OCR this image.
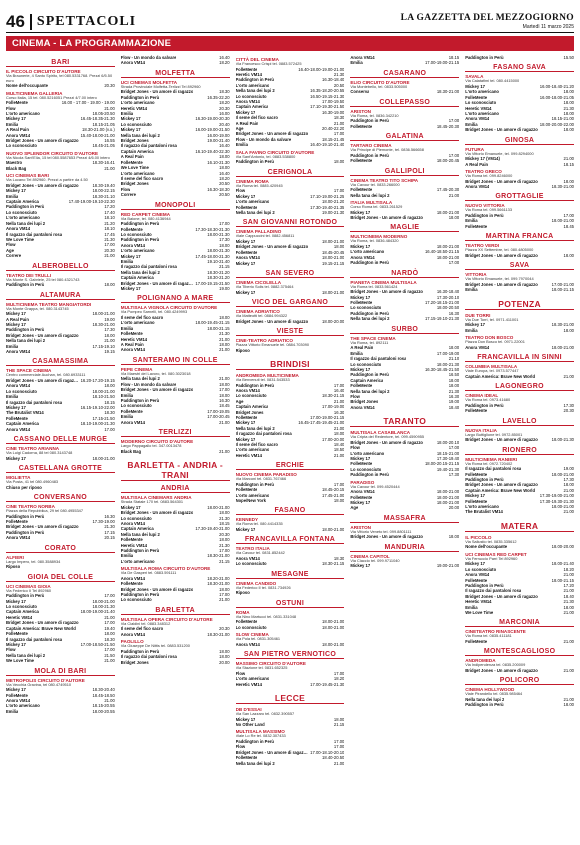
46 SPETTACOLI	LA GAZZETTA DEL MEZZOGIORNO
Martedì 11 marzo 2025
CINEMA - LA PROGRAMMAZIONE
BARI
IL PICCOLO CIRCUITO D'AUTORE
Via Braunerie, 4 Santo Spirito, tel 080.5331768. Prezzi 6/5.50 euro
Nome dell'occupante	20.30
MULTICINEMA GALLERIA
Corso Italia, 15 tel. 080.5216051 Prezzi 4/7.00 intero
FolleMente	16.00 - 17.00 - 19.00 - 19.00
Flow	21.00
L'orto americano	18.05-20.50
Mickey 17	16.45-18.35-21.30
Emilia	18.15-21.05
A Real Pain	18.30-21.00 (v.o.)
Anora VM14	15.40-18.00-21.00
Bridget Jones - Un amore di ragazzo	16.55
Lo sconosciuto	18.45-21.05
NUOVO SPLENDOR CIRCUITO D'AUTORE
Via Nicola Sant'Elia, 15 tel 080.5587653 Prezzi 4/6.00 intero
Maestro	18.30-16.41
Black Bag	21.00
UCI CINEMAS BARI
Via Lucano Tel 892960. Prezzi a partire da 4.50
Bridget Jones - Un amore di ragazzo	18.30-19.40
Mickey 17	18.00-22.15
Emilia	18.30-21.10
Captain America	17.40-19.00-19.10-22.30
Paddington in Perù	17.20
Lo sconosciuto	17.40
L'orto americano	18.10
Nella tana dei lupi 2	21.20
Anora VM14	18.10
Il ragazzo dai pantaloni rosa	17.45
We Love Time	21.30
Flow	17.00
Age	20.30
Correre	21.00
ALBEROBELLO
TEATRO DEI TRULLI
Via Monte S. Gabriele, 25 tel 080.4321743
Paddington in Perù	18.00
ALTAMURA
MULTICINEMA TEATRO MANGIATORDI
Via Monte Grappa, tel. 080.3143745
Mickey 17	18.00-21.00
A Real Pain	19.00
Mickey 17	18.30-21.00
Paddington in Perù	17.30
Bridget Jones - Un amore di ragazzo	18.00
Nella tana dei lupi 2	21.00
Emilia	17.15-19.10
Anora VM14	19.15
CASAMASSIMA
THE SPACE CINEMA
Centro commerciale Auchan, tel. 080.6933111
Bridget Jones - Un amore di ragazzo	16.20-17.20-19.15
Anora VM14	18.00
Lo sconosciuto	18.00-21.00
Emilia	18.10-21.50
Il ragazzo dai pantaloni rosa	18.15
Mickey 17	16.15-19.10-22.00
The Brutalist VM14	18.30
FolleMente	17.15-21.50
Captain America	18.10-19.00-21.30
Anora VM14	17.00
CASSANO DELLE MURGE
CINE TEATRO ARIANNA
Via Luigi Cadorna, 88 tel 080.3143748
Mickey 17	18.00-21.00
CASTELLANA GROTTE
MIGLIETTA
Via Posta, 41 tel 080.4960483
Chiuso per riposo
CONVERSANO
CINE TEATRO NORBA
Piazza della Repubblica, 29 tel 080.4955347
Paddington in Perù	16.30
FolleMente	17.30-19.00
Bridget Jones - Un amore di ragazzo	21.30
Paddington in Perù	17.15
Anora VM14	20.15
CORATO
ALFIERI
Largo Impero, tel. 080.3588934
Riposo
GIOIA DEL COLLE
UCI CINEMAS GIOIA
Via Federico II Tel 892960
Paddington in Perù	17.00
Mickey 17	18.00-21.00
Lo sconosciuto	18.00-21.30
Captain America	18.00-19.00-21.40
Heretic VM14	21.00
Bridget Jones - Un amore di ragazzo	17.00
Captain America: Brave New World	19.40
FolleMente	18.00
Il ragazzo dai pantaloni rosa	18.30
Mickey 17	17.00-18.50-21.50
Flow	17.00
Nella tana dei lupi 2	21.50
We Love Time	21.00
MOLA DI BARI
METROPOLIS CIRCUITO D'AUTORE
Via Vecchia Gravina, tel 080.4749510
Mickey 17	18.30-20.40
FolleMente	18.45-18.50
Anora VM14	21.00
L'orto americano	18.15-20.55
Emilia	18.00-20.55
Flow - Un mondo da salvare	16.40
Anora VM14	18.20
MOLFETTA
UCI CINEMAS MOLFETTA
Strada Provinciale Molfetta-Terlizzi Tel 892960
Bridget Jones - Un amore di ragazzo	18.30
Paddington in Perù	16.35-22.20
L'orto americano	18.20
Heretic VM14	20.30
Emilia	16.00
Mickey 17	16.30-19.00-20.30
Lo sconosciuto	20.40
Mickey 17	16.00-19.00-21.50
Nella tana dei lupi 2	16.00-19.00
Bridget Jones	19.00-21.40
Il ragazzo dai pantaloni rosa	16.40
Captain America	16.10-19.40-22.30
A Real Pain	18.00
FolleMente	16.10-21.30
We Love Time	18.00
L'orto americano	16.40
Il seme del fico sacro	18.20
Bridget Jones	20.50
Flow	16.30-18.30
Correre	20.50
MONOPOLI
RED CARPET CINEMA
Via Baione, tel. 080.4136944
Paddington in Perù	17.00
FolleMente	17.30-18.30-21.30
Lo sconosciuto	18.00-21.30
Paddington in Perù	17.30
Anora VM14	18.00
L'orto americano	18.00-21.30
Mickey 17	17.45-18.00-21.30
Emilia	19.10-21.40
Il ragazzo dai pantaloni rosa	21.15
Nella tana dei lupi 2	18.30-21.20
Captain America	18.30-21.20
Bridget Jones - Un amore di ragazzo	17.00-19.15-21.50
Mickey 17	19.00
POLIGNANO A MARE
MULTISALA VIGNOLA CIRCUITO D'AUTORE
Via Pompeo Sarnelli, tel. 080.4249993
Il seme del fico sacro	18.00
L'orto americano	18.00-19.45-21.15
Emilia	18.00-21.15
FolleMente	21.30
Heretic VM14	21.00
A Real Pain	18.00
Anora VM14	21.00
SANTERAMO IN COLLE
PEPE CINEMA
Via Maestri del Lavoro, tel. 080.3023018
Nella tana dei lupi 2	21.00
Flow - Un mondo da salvare	18.00
Bridget Jones - Un amore di ragazzo	17.00
Emilia	18.00
Paddington in Perù	16.30
Lo sconosciuto	18.45
FolleMente	17.00-19.05
Emilia	17.00-20.45
Anora VM14	21.00
TERLIZZI
MODERNO CIRCUITO D'AUTORE
Largo Pappagallo tel. 347.0013478
Black Bag	21.00
BARLETTA - ANDRIA - TRANI
ANDRIA
MULTISALA CINEMARS ANDRIA
Strada Statale 170 tel. 0883.564301
Mickey 17	18.00-21.00
Bridget Jones - Un amore di ragazzo	18.00
Lo sconosciuto	21.30
Anora VM14	18.15
Captain America	17.30-19.40-21.00
Nella tana dei lupi 2	20.30
FolleMente	18.00
Heretic VM14	21.30
Paddington in Perù	17.00
Emilia	18.30-21.00
L'orto americano	21.15
MULTISALA ROMA CIRCUITO D'AUTORE
Via De Gasperi tel. 0883.591111
Anora VM14	18.20-21.00
FolleMente	18.30-21.00
Bridget Jones - Un amore di ragazzo	18.00
Paddington in Perù	17.00
Lo sconosciuto	21.00
BARLETTA
MULTISALA OPERA CIRCUITO D'AUTORE
Via Cialdini tel. 0883.348312
Il seme del fico sacro	20.30
Anora VM14	18.30-21.00
PAOLILLO
Via Giuseppe De Nittis tel. 0883.531200
Paddington in Perù	18.00
Il ragazzo dai pantaloni rosa	18.00
Bridget Jones	20.00
CITTÀ DEL CINEMA
Via Francesco Crispi tel. 0883.572425
FolleMente	16.40-18.00-19.00-21.00
Heretic VM14	21.30
Paddington in Perù	16.30-18.40
L'orto americano	20.50
Nella tana dei lupi 2	16.35-18.20-20.55
Lo sconosciuto	16.50-19.15-21.30
Anora VM14	17.00-19.50
Captain America	17.10-19.30-21.50
Mickey 17	16.30-19.00
Il seme del fico sacro	18.30
A Real Pain	21.00
Age	20.40-22.20
Bridget Jones - Un amore di ragazzo	17.00
Flow - Un mondo da salvare	18.15-21.45
Emilia	16.40-19.10-21.40
SALA FAVINO CIRCUITO D'AUTORE
Via Sant'Antonio, tel. 0883.538800
Paddington in Perù	18.00
CERIGNOLA
CINEMA ROMA
Via Roma tel. 0885.420945
Flow	17.00
Mickey 17	17.10-19.00-21.25
L'orto americano	18.00-21.20
FolleMente	17.30-19.40-21.35
Nella tana dei lupi 2	19.00-21.30
SAN GIOVANNI ROTONDO
CINEMA PALLADINO
Viale Cappuccini tel. 0882.456811
Mickey 17	18.00-21.00
Bridget Jones - Un amore di ragazzo	18.00
FolleMente	18.45-20.45
Anora VM14	18.00-21.00
Mickey 17	19.15-21.15
SAN SEVERO
CINEMA CICOLELLA
Via Tiberio Solis tel. 0882.375464
Mickey 17	18.00-21.00
VICO DEL GARGANO
CINEMA ADRIATICO
Via Matteotti tel. 0884.994322
Bridget Jones - Un amore di ragazzo	18.00-20.00
VIESTE
CINE-TEATRO ADRIATICO
Piazza Vittorio Emanuele tel. 0884.703090
Riposo
BRINDISI
ANDROMEDA MULTICINEMA
Via Benvenuti tel. 0831.543533
Paddington in Perù	17.00
Anora VM14	16.40
Lo sconosciuto	18.30-21.15
Age	21.00
Captain America	17.00-19.00
Bridget Jones	16.30
FolleMente	17.00-19.00-21.15
Mickey 17	16.45-17.45-19.45-21.00
Nella tana dei lupi 2	21.00
Il ragazzo dai pantaloni rosa	18.00
Mickey 17	17.00-20.00
Il seme del fico sacro	18.40
L'orto americano	18.50
Heretic VM14	21.00
ERCHIE
NUOVO CINEMA PARADISO
Via Marconi tel. 0831.767466
Paddington in Perù	17.00
FolleMente	18.45-20.15
L'orto americano	17.45-21.00
Nope/New York	18.00
FASANO
KENNEDY
Via Roma tel. 080.4414335
Mickey 17	18.00-21.00
FRANCAVILLA FONTANA
TEATRO ITALIA
Via Cavour tel. 0831.852442
Anora VM14	18.30
Lo sconosciuto	18.30-21.15
MESAGNE
CINEMA CANDIDO
Via Federico II tel. 0831.734926
Riposo
OSTUNI
ROMA
Via Nino Martucci tel. 0831.331048
FolleMente	18.00-21.00
Lo sconosciuto	18.00-21.00
SLOW CINEMA
Via Pola tel. 0831.305461
Anora VM14	18.00-21.00
SAN PIETRO VERNOTICO
MASSIMO CIRCUITO D'AUTORE
Via Stazione tel. 0831.652325
Flow	17.00
L'orto americano	18.20
Heretic VM14	17.00-19.45-21.30
LECCE
DB D'ESSAI
Via San Lazzaro tel. 0832.390557
Mickey 17	18.00
No Other Land	21.15
MULTISALA MASSIMO
Viale Lo Re tel. 0832.307433
Paddington in Perù	17.00
Flow	17.00
Bridget Jones - Un amore di ragazzo	17.00-18.10-20.10
FolleMente	18.40-20.50
Nella tana dei lupi 2	21.00
Anora VM14	18.15
Emilia	17.00-19.00-21.15
CASARANO
ELIO CIRCUITO D'AUTORE
Via Montebello, tel. 0833.505000
Conserva	18.30-21.00
COLLEPASSO
ARISTON
Via Roma, tel. 0836.342210
Paddington in Perù	17.00
FolleMente	18.45-20.30
GALATINA
TARTARO CINEMA
Via Principe di Piemonte, tel. 0836.566658
Paddington in Perù	17.00
FolleMente	18.00-20.45
GALLIPOLI
CINEMA TEATRO TITO SCHIPA
Via Cavour tel. 0833.266000
FolleMente	17.45-20.30
Nella tana dei lupi 2	21.00
ITALIA MULTISALA
Corso Roma tel. 0833.261529
Mickey 17	18.00-21.00
Bridget Jones - Un amore di ragazzo	18.00
MAGLIE
MULTICINEMA MODERNO
Via Roma, tel. 0836.484320
Mickey 17	18.00-21.00
L'orto americano	16.40-18.50-21.15
Anora VM14	18.00-21.00
Paddington in Perù	17.00
NARDÒ
PIANETA CINEMA MULTISALA
Via Roma tel. 0833.561424
Bridget Jones - Un amore di ragazzo	16.30-18.40
Mickey 17	17.30-20.10
FolleMente	17.20-18.15-21.00
Lo sconosciuto	18.00-20.50
Paddington in Perù	16.30
Nella tana dei lupi 2	17.15-19.10-21.30
SURBO
THE SPACE CINEMA
Via Roma, tel. 892111
A Real Pain	18.00
Emilia	17.00-19.00
Il ragazzo dai pantaloni rosa	21.10
Lo sconosciuto	18.00-21.30
Mickey 17	16.30-18.45-21.50
Paddington in Perù	16.50
Captain America	18.00
FolleMente	18.00
Nella tana dei lupi 2	21.30
Flow	16.30
Bridget Jones	19.00
Anora VM14	18.40
TARANTO
MULTISALA CASABLANCA
Via Cripta del Redentore, tel. 099.4590955
Bridget Jones - Un amore di ragazzo	18.00-20.10
Flow	17.00
L'orto americano	18.15-21.00
Mickey 17	17.30-19.40
FolleMente	18.00-20.15-21.15
Lo sconosciuto	19.40-21.30
Paddington in Perù	17.30
PARADISO
Via Cavour tel. 099.4520444
Anora VM14	18.00-21.00
FolleMente	18.00-21.00
Mickey 17	18.00-21.00
Age	20.00
MASSAFRA
ARISTON
Via Vittorio Veneto tel. 099.8801111
Bridget Jones - Un amore di ragazzo	18.00
MANDURIA
CINEMA CAPITOL
Via Ciaccio tel. 099.9711040
Mickey 17	19.00-21.00
Paddington in Perù	15.50
FASANO SAVA
SAVALA
Via Calatafimi tel. 080.4415000
Mickey 17	16.00-18.40-21.20
L'orto americano	18.00
FolleMente	16.00-18.00-21.05
Lo sconosciuto	18.00
Heretic VM14	21.30
L'orto americano	18.00
Anora VM14	18.15-21.00
Emilia	18.00-20.00-22.00
Bridget Jones - Un amore di ragazzo	18.00
GINOSA
FUTURA
Via Vittorio Emanuele, tel. 099.8294000
Mickey 17 (VM14)	21.00
A Real Pain	18.15
TEATRO GRECO
Via Roma tel. 099.8246000
Bridget Jones - Un amore di ragazzo	18.00
Anora VM14	18.30-21.00
GROTTAGLIE
NUOVO VITTORIA
Via Roma tel. 099.5661133
Paddington in Perù	17.00
Emilia	18.00-21.00
FolleMente	18.45
MARTINA FRANCA
TEATRO VERDI
Piazza XX Settembre, tel. 080.4805000
Bridget Jones - Un amore di ragazzo	18.00
SAVA
VITTORIA
Via Vittorio Emanuele, tel. 099.7970044
Bridget Jones - Un amore di ragazzo	17.00-21.00
Emilia	18.00-21.15
POTENZA
DUE TORRI
Via Due Torri, tel. 0971.411001
Mickey 17	18.30-21.00
Emilia	18.00
TEATRO DON BOSCO
Piazza Don Bosco tel. 0971.22001
Anora VM14	18.00-21.00
FRANCAVILLA IN SINNI
COLUMBIA MULTISALA
Viale Europa, tel. 0973.577447
Captain America: Brave New World	21.00
LAGONEGRO
CINEMA IDEAL
Via Roma tel. 0973.41680
Paddington in Perù	17.30
FolleMente	20.30
LAVELLO
NUOVA ITALIA
Largo Buttiglione tel. 0972.85001
Bridget Jones - Un amore di ragazzo	18.00-21.30
RIONERO
MULTICINEMA RANIERI
Via Roma tel. 0972.720402
Il ragazzo dai pantaloni rosa	19.00
FolleMente	18.00-21.00
Paddington in Perù	17.30
Bridget Jones - Un amore di ragazzo	18.00
Captain America: Brave New World	21.00
Mickey 17	17.30-19.00-21.00
FolleMente	17.30-19.30-21.30
L'orto americano	18.00-21.00
The Brutalist VM14	21.00
MATERA
IL PICCOLO
Via Sallustio tel. 0835.335612
Nome dell'occupante	18.00-20.00
UCI CINEMAS RED CARPET
Via Ferruccio Parri Tel 892960
Mickey 17	18.00-21.40
Lo sconosciuto	18.20
Anora VM14	21.00
FolleMente	18.00-21.15
Paddington in Perù	17.20
Il ragazzo dai pantaloni rosa	21.00
Bridget Jones - Un amore di ragazzo	18.40
Heretic VM14	21.30
Emilia	18.00
We Love Time	21.00
MARCONIA
CINETEATRO RINASCENTE
Via Roma tel. 0835.411181
FolleMente	21.00
MONTESCAGLIOSO
ANDROMEDA
Via Indipendenza tel. 0835.200009
Bridget Jones - Un amore di ragazzo	21.00
POLICORO
CINEMA HOLLYWOOD
Viale Pirandello tel. 0835.985464
Nella tana dei lupi 2	21.00
Paddington in Perù	18.00
